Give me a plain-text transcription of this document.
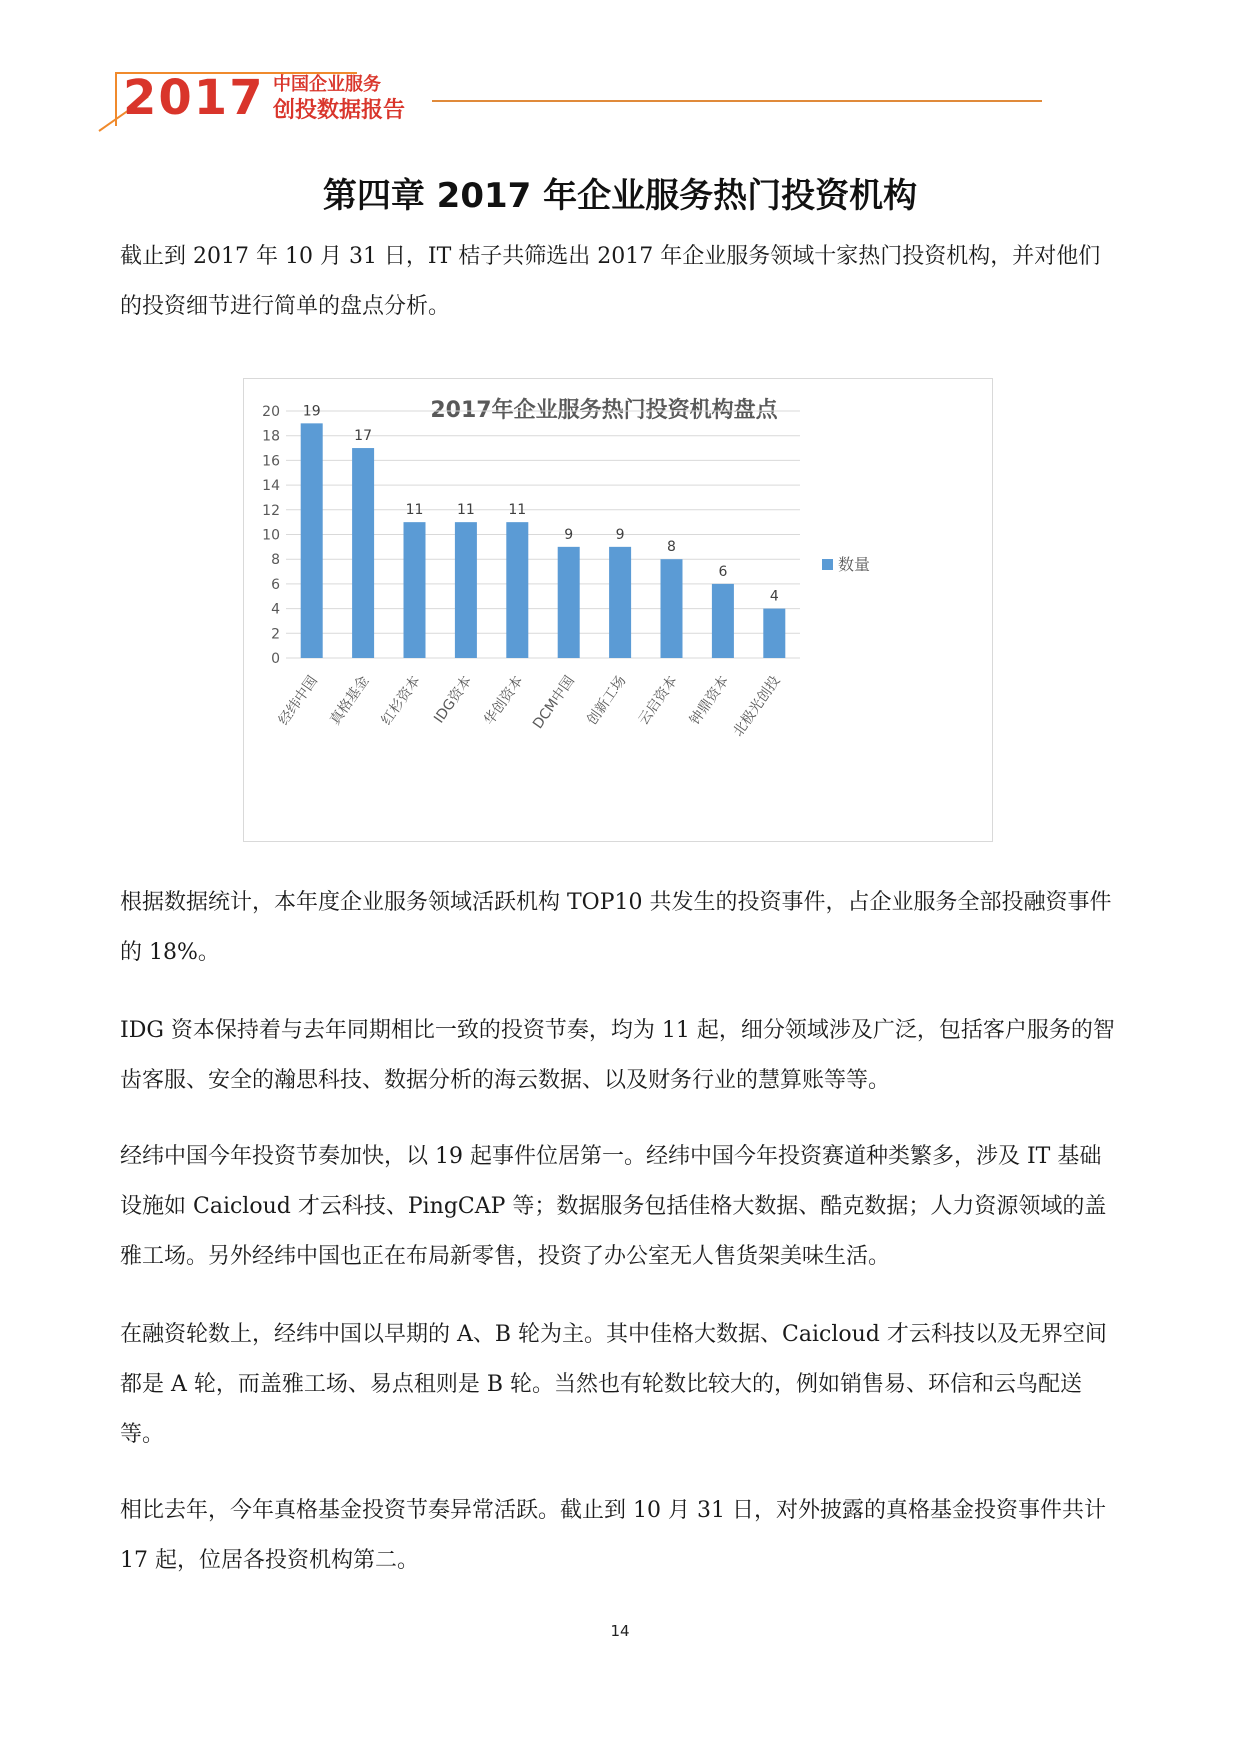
2017 中国企业服务
创投数据报告
第四章 2017 年企业服务热门投资机构

截止到 2017 年 10 月 31 日，IT 桔子共筛选出 2017 年企业服务领域十家热门投资机构，并对他们的投资细节进行简单的盘点分析。

2017年企业服务热门投资机构盘点
0
2
4
6
8
10
12
14
16
18
20 19
17
11 11 11
9	9
8
6
4
经纬中国 真格基金 红杉资本 IDG资本 华创资本 DCM中国 创新工场 云启资本 钟鼎资本
北极光创投
数量

根据数据统计，本年度企业服务领域活跃机构 TOP10 共发生的投资事件，占企业服务全部投融资事件的 18%。

IDG 资本保持着与去年同期相比一致的投资节奏，均为 11 起，细分领域涉及广泛，包括客户服务的智齿客服、安全的瀚思科技、数据分析的海云数据、以及财务行业的慧算账等等。

经纬中国今年投资节奏加快，以 19 起事件位居第一。经纬中国今年投资赛道种类繁多，涉及 IT 基础设施如 Caicloud 才云科技、PingCAP 等；数据服务包括佳格大数据、酷克数据；人力资源领域的盖雅工场。另外经纬中国也正在布局新零售，投资了办公室无人售货架美味生活。

在融资轮数上，经纬中国以早期的 A、B 轮为主。其中佳格大数据、Caicloud 才云科技以及无界空间都是 A 轮，而盖雅工场、易点租则是 B 轮。当然也有轮数比较大的，例如销售易、环信和云鸟配送等。

相比去年，今年真格基金投资节奏异常活跃。截止到 10 月 31 日，对外披露的真格基金投资事件共计 17 起，位居各投资机构第二。

14
